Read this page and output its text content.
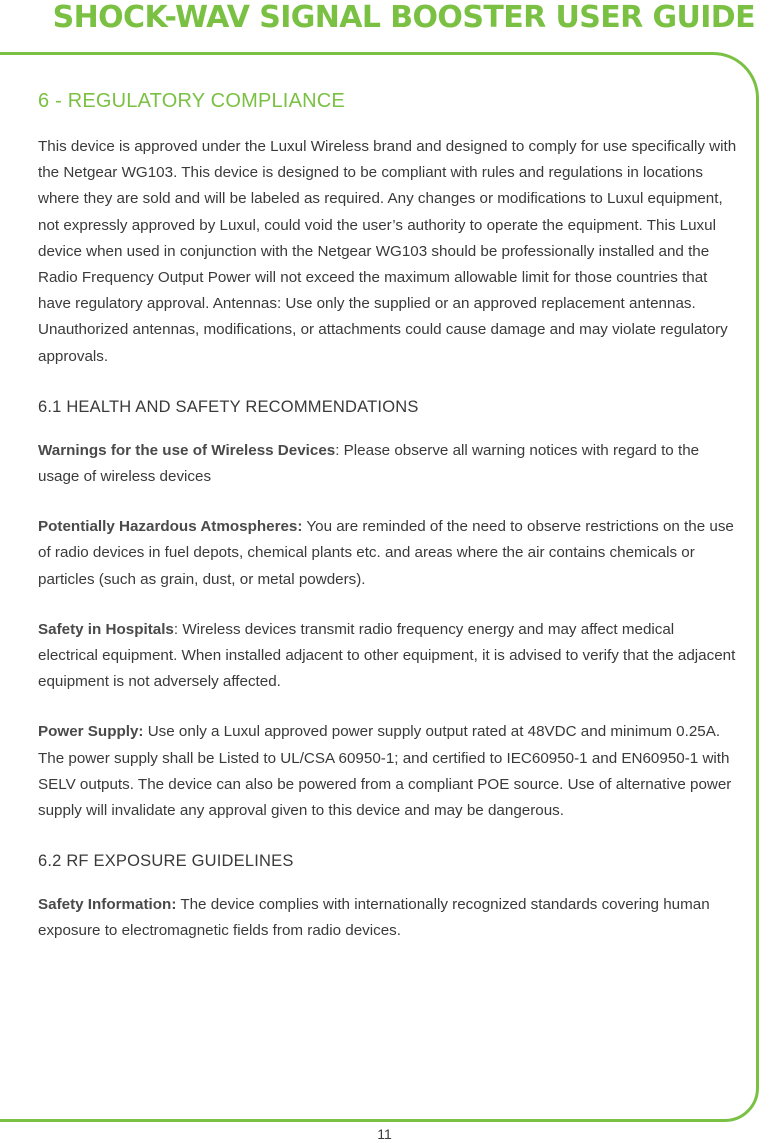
SHOCK-WAV SIGNAL BOOSTER USER GUIDE
6 - REGULATORY COMPLIANCE

This device is approved under the Luxul Wireless brand and designed to comply for use specifically with the Netgear WG103. This device is designed to be compliant with rules and regulations in locations where they are sold and will be labeled as required. Any changes or modifications to Luxul equipment, not expressly approved by Luxul, could void the user’s authority to operate the equipment. This Luxul device when used in conjunction with the Netgear WG103 should be professionally installed and the Radio Frequency Output Power will not exceed the maximum allowable limit for those countries that have regulatory approval. Antennas: Use only the supplied or an approved replacement antennas. Unauthorized antennas, modifications, or attachments could cause damage and may violate regulatory approvals.

6.1 HEALTH AND SAFETY RECOMMENDATIONS

Warnings for the use of Wireless Devices: Please observe all warning notices with regard to the usage of wireless devices

Potentially Hazardous Atmospheres: You are reminded of the need to observe restrictions on the use of radio devices in fuel depots, chemical plants etc. and areas where the air contains chemicals or particles (such as grain, dust, or metal powders).

Safety in Hospitals: Wireless devices transmit radio frequency energy and may affect medical electrical equipment. When installed adjacent to other equipment, it is advised to verify that the adjacent equipment is not adversely affected.

Power Supply: Use only a Luxul approved power supply output rated at 48VDC and minimum 0.25A. The power supply shall be Listed to UL/CSA 60950-1; and certified to IEC60950-1 and EN60950-1 with SELV outputs. The device can also be powered from a compliant POE source. Use of alternative power supply will invalidate any approval given to this device and may be dangerous.

6.2 RF EXPOSURE GUIDELINES

Safety Information: The device complies with internationally recognized standards covering human exposure to electromagnetic fields from radio devices.

11
